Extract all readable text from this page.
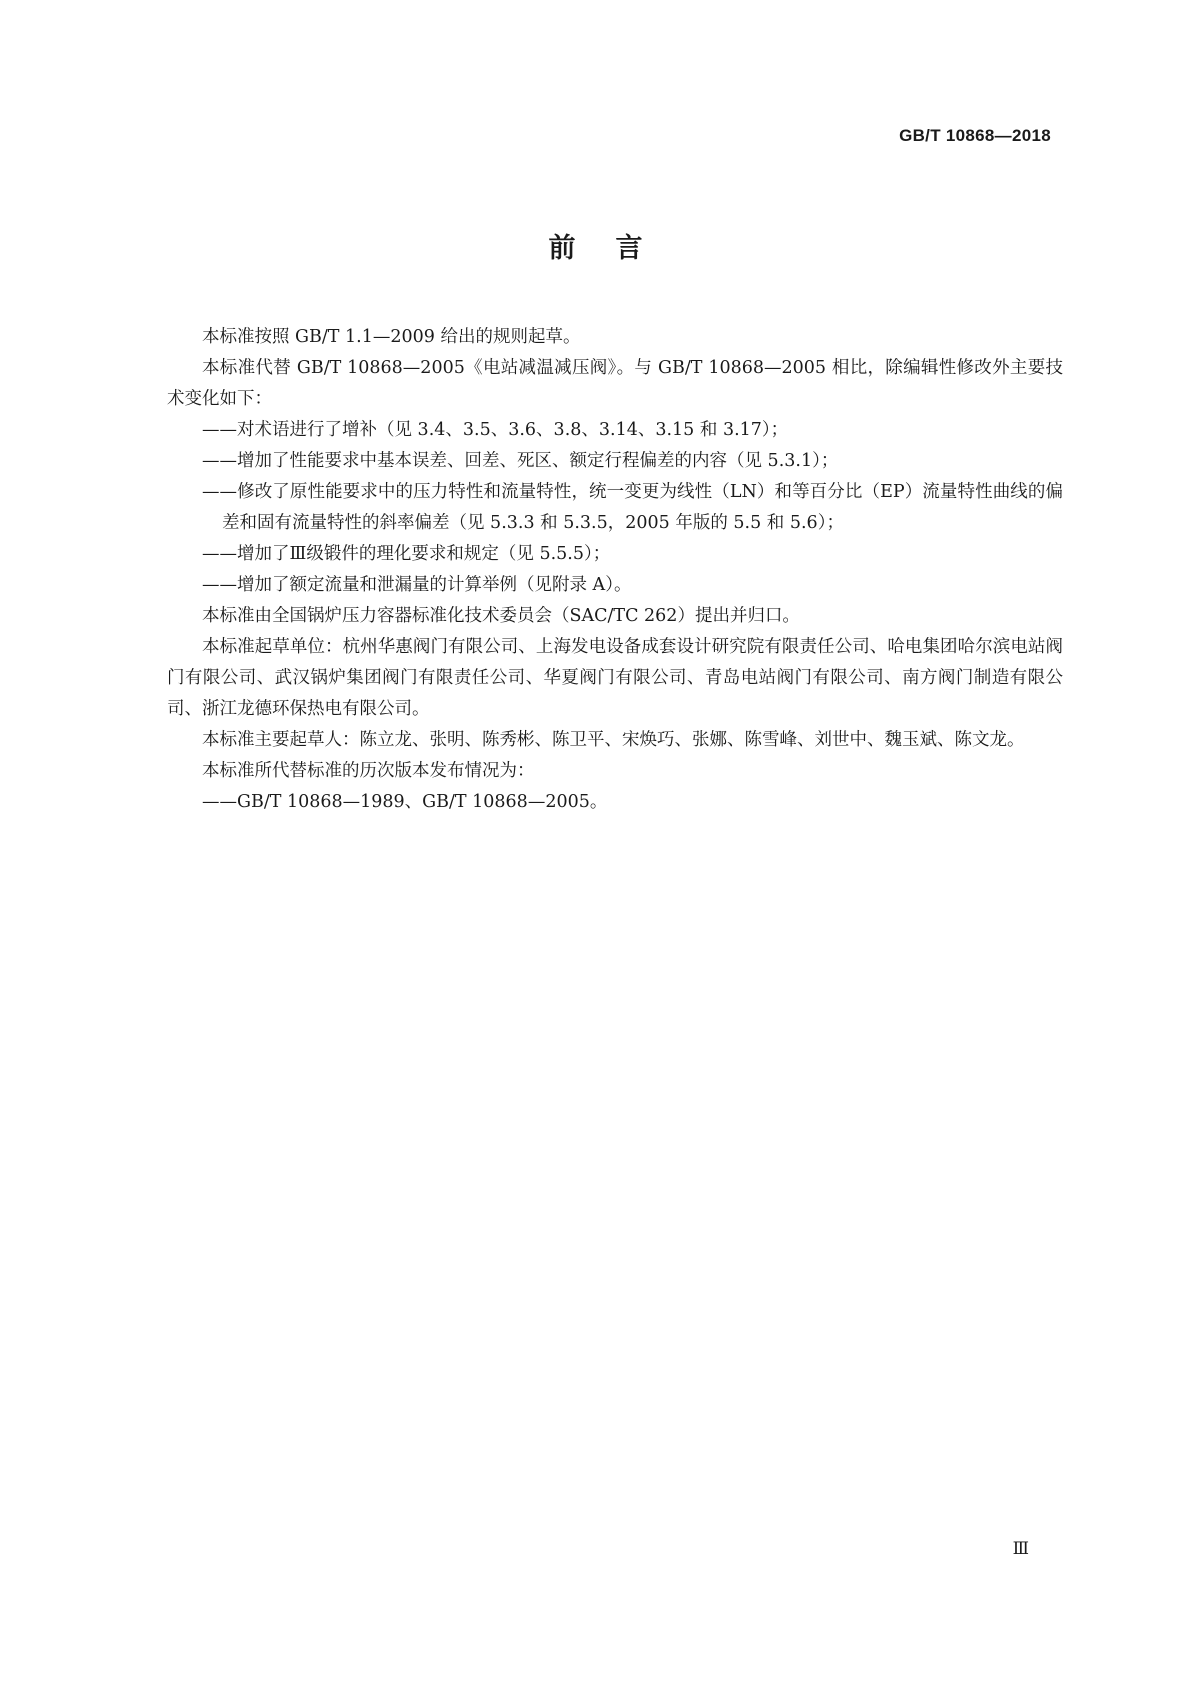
GB/T 10868—2018
前言

本标准按照 GB/T 1.1—2009 给出的规则起草。

本标准代替 GB/T 10868—2005《电站减温减压阀》。与 GB/T 10868—2005 相比，除编辑性修改外主要技术变化如下：

——对术语进行了增补（见 3.4、3.5、3.6、3.8、3.14、3.15 和 3.17）；

——增加了性能要求中基本误差、回差、死区、额定行程偏差的内容（见 5.3.1）；

——修改了原性能要求中的压力特性和流量特性，统一变更为线性（LN）和等百分比（EP）流量特性曲线的偏差和固有流量特性的斜率偏差（见 5.3.3 和 5.3.5，2005 年版的 5.5 和 5.6）；

——增加了Ⅲ级锻件的理化要求和规定（见 5.5.5）；

——增加了额定流量和泄漏量的计算举例（见附录 A）。

本标准由全国锅炉压力容器标准化技术委员会（SAC/TC 262）提出并归口。

本标准起草单位：杭州华惠阀门有限公司、上海发电设备成套设计研究院有限责任公司、哈电集团哈尔滨电站阀门有限公司、武汉锅炉集团阀门有限责任公司、华夏阀门有限公司、青岛电站阀门有限公司、南方阀门制造有限公司、浙江龙德环保热电有限公司。

本标准主要起草人：陈立龙、张明、陈秀彬、陈卫平、宋焕巧、张娜、陈雪峰、刘世中、魏玉斌、陈文龙。

本标准所代替标准的历次版本发布情况为：

——GB/T 10868—1989、GB/T 10868—2005。

Ⅲ
